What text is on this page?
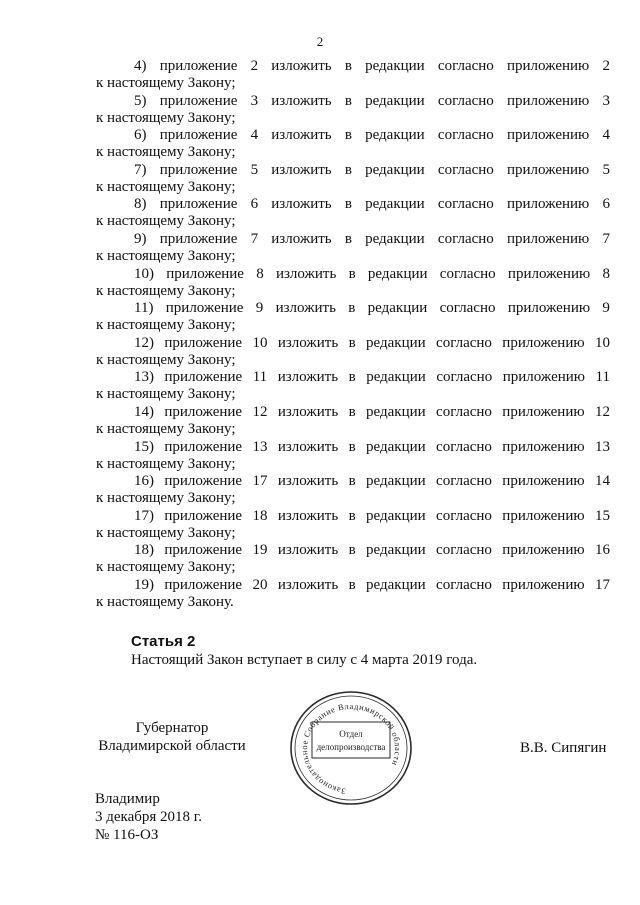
2
4) приложение 2 изложить в редакции согласно приложению 2
к настоящему Закону;
5) приложение 3 изложить в редакции согласно приложению 3
к настоящему Закону;
6) приложение 4 изложить в редакции согласно приложению 4
к настоящему Закону;
7) приложение 5 изложить в редакции согласно приложению 5
к настоящему Закону;
8) приложение 6 изложить в редакции согласно приложению 6
к настоящему Закону;
9) приложение 7 изложить в редакции согласно приложению 7
к настоящему Закону;
10) приложение 8 изложить в редакции согласно приложению 8
к настоящему Закону;
11) приложение 9 изложить в редакции согласно приложению 9
к настоящему Закону;
12) приложение 10 изложить в редакции согласно приложению 10
к настоящему Закону;
13) приложение 11 изложить в редакции согласно приложению 11
к настоящему Закону;
14) приложение 12 изложить в редакции согласно приложению 12
к настоящему Закону;
15) приложение 13 изложить в редакции согласно приложению 13
к настоящему Закону;
16) приложение 17 изложить в редакции согласно приложению 14
к настоящему Закону;
17) приложение 18 изложить в редакции согласно приложению 15
к настоящему Закону;
18) приложение 19 изложить в редакции согласно приложению 16
к настоящему Закону;
19) приложение 20 изложить в редакции согласно приложению 17
к настоящему Закону.
Статья 2
Настоящий Закон вступает в силу с 4 марта 2019 года.
Губернатор
Владимирской области
Законодательное Собрание Владимирской области
Отдел
делопроизводства	В.В. Сипягин
Владимир
3 декабря 2018 г.
№ 116-ОЗ
